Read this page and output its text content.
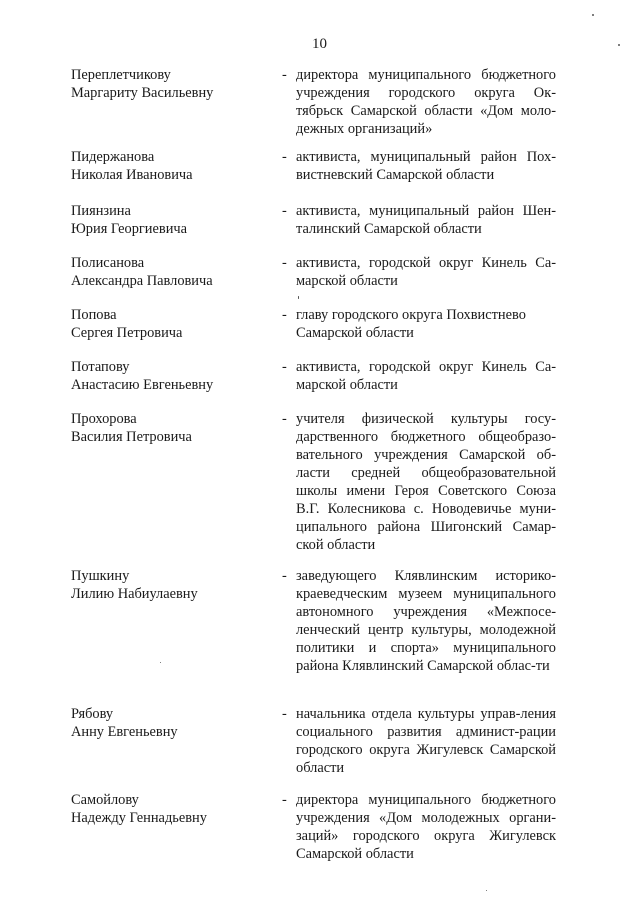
10
Переплетчикову
Маргариту Васильевну
- директора муниципального бюджетного учреждения городского округа Ок-тябрьск Самарской области «Дом моло-дежных организаций»
Пидержанова
Николая Ивановича
- активиста, муниципальный район Пох-вистневский Самарской области
Пиянзина
Юрия Георгиевича
- активиста, муниципальный район Шен-талинский Самарской области
Полисанова
Александра Павловича
- активиста, городской округ Кинель Са-марской области
Попова
Сергея Петровича
- главу городского округа Похвистнево
Самарской области
Потапову
Анастасию Евгеньевну
- активиста, городской округ Кинель Са-марской области
Прохорова
Василия Петровича
- учителя физической культуры госу-дарственного бюджетного общеобразо-вательного учреждения Самарской об-ласти средней общеобразовательной школы имени Героя Советского Союза В.Г. Колесникова с. Новодевичье муни-ципального района Шигонский Самар-ской области
Пушкину
Лилию Набиулаевну
- заведующего Клявлинским историко-краеведческим музеем муниципального автономного учреждения «Межпосе-ленческий центр культуры, молодежной политики и спорта» муниципального района Клявлинский Самарской облас-ти
Рябову
Анну Евгеньевну
- начальника отдела культуры управ-ления социального развития админист-рации городского округа Жигулевск Самарской области
Самойлову
Надежду Геннадьевну
- директора муниципального бюджетного учреждения «Дом молодежных органи-заций» городского округа Жигулевск Самарской области
